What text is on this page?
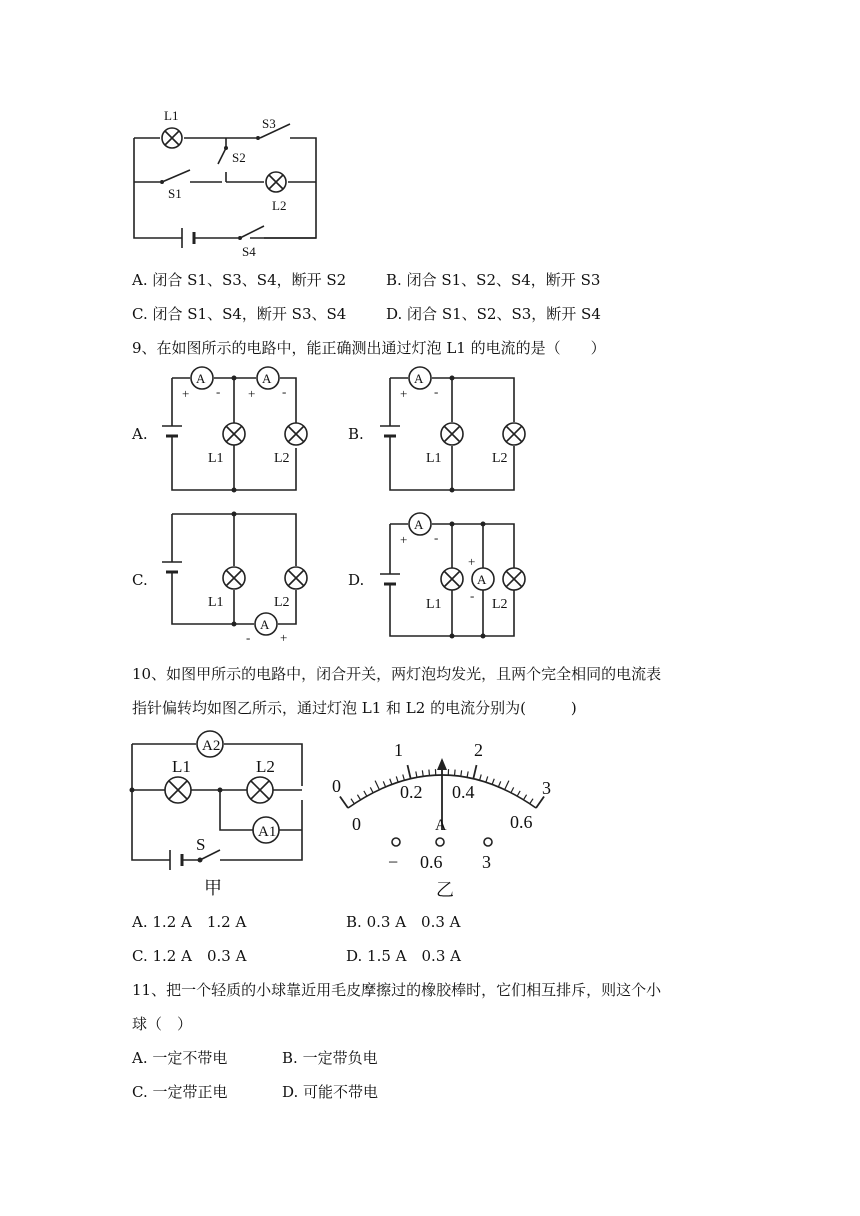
L1
S3
S2
S1
L2
S4
A. 闭合 S1、S3、S4，断开 S2	B. 闭合 S1、S2、S4，断开 S3
C. 闭合 S1、S4，断开 S3、S4	D. 闭合 S1、S2、S3，断开 S4
9、在如图所示的电路中，能正确测出通过灯泡 L1 的电流的是（　　）
A.	B.
C.	D.
A	A
+ - + -
L1	L2
A
+ -
L1	L2
L1	L2
A
- +
A
+ -
A
+
-
L1	L2
10、如图甲所示的电路中，闭合开关，两灯泡均发光，且两个完全相同的电流表
指针偏转均如图乙所示，通过灯泡 L1 和 L2 的电流分别为(　　　)
A2
A1
L1	L2
S
甲
0
1	2
3
0
0.2 0.4
0.6
A
− 0.6 3
乙
A. 1.2 A　1.2 A	B. 0.3 A　0.3 A
C. 1.2 A　0.3 A	D. 1.5 A　0.3 A
11、把一个轻质的小球靠近用毛皮摩擦过的橡胶棒时，它们相互排斥，则这个小
球（　）
A. 一定不带电	B. 一定带负电
C. 一定带正电	D. 可能不带电
